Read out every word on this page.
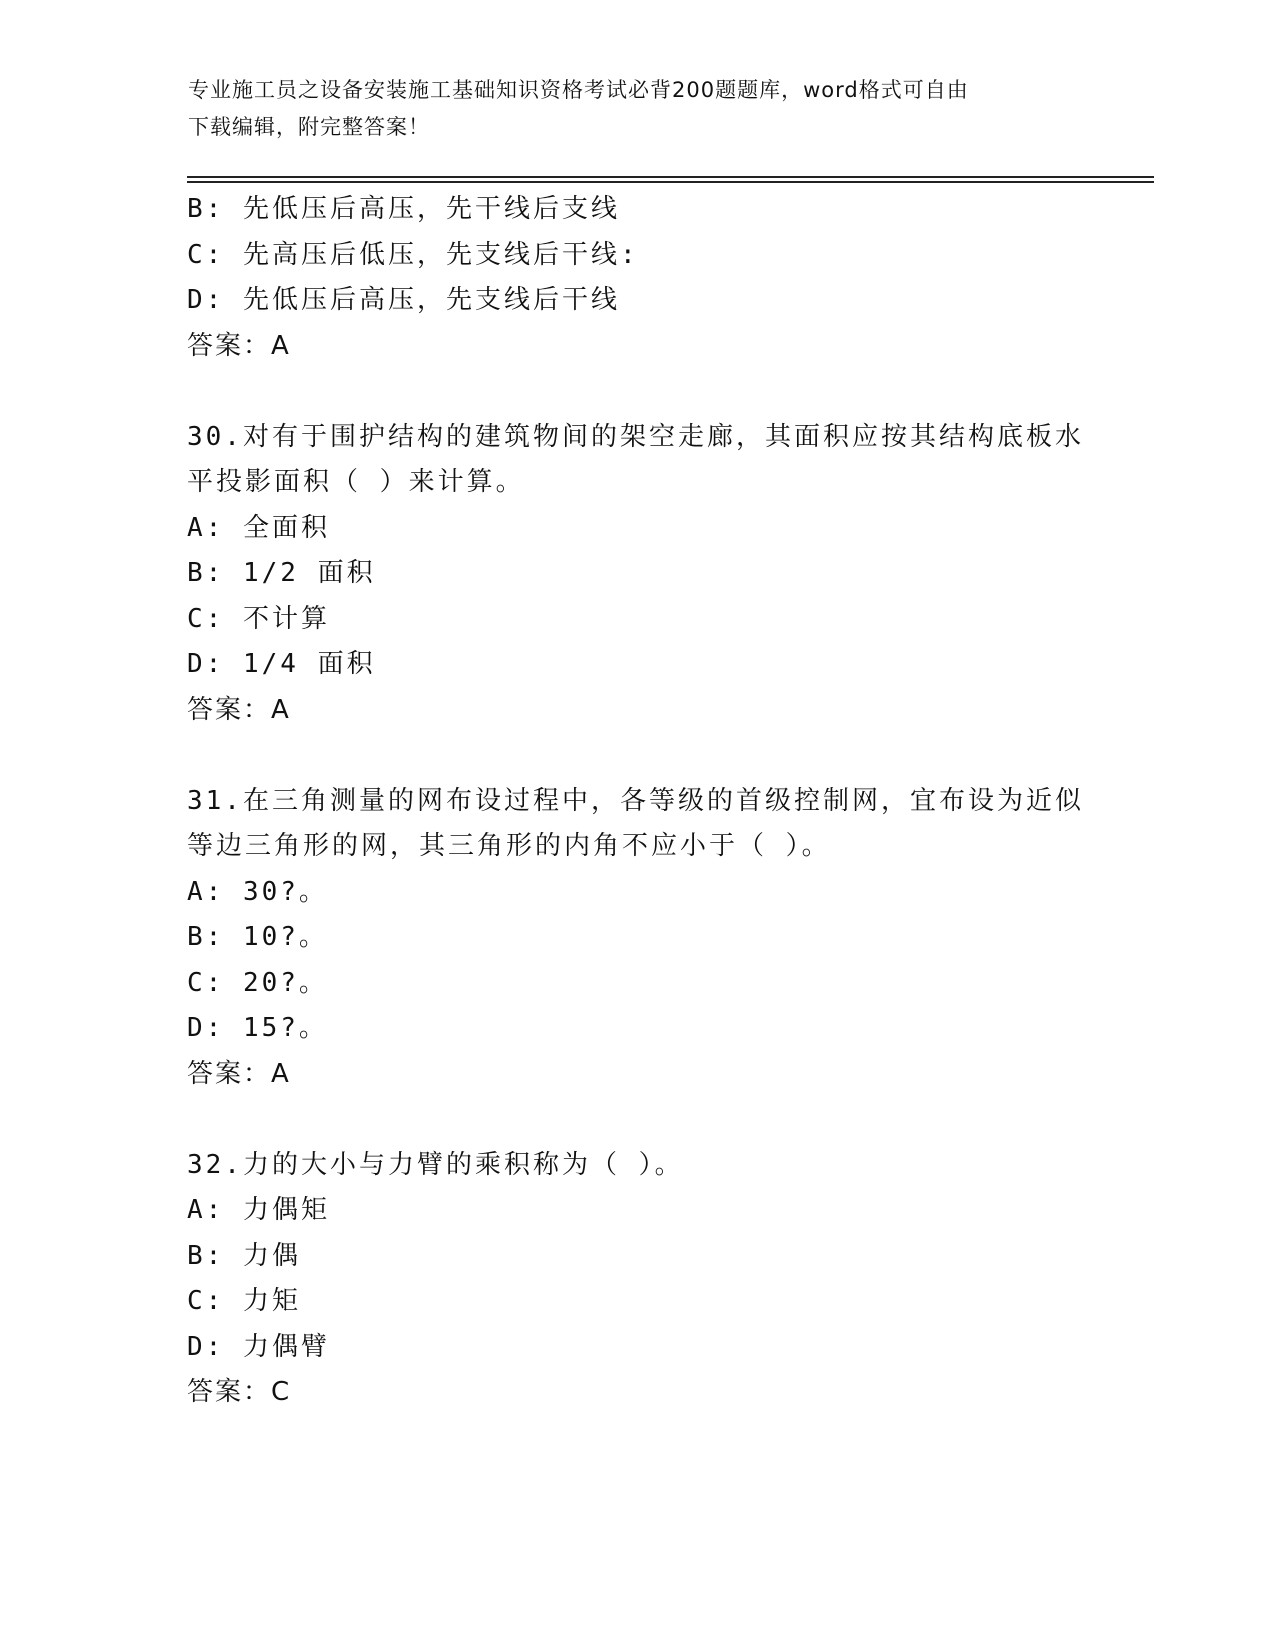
专业施工员之设备安装施工基础知识资格考试必背200题题库，word格式可自由
下载编辑，附完整答案！
B: 先低压后高压，先干线后支线
C: 先高压后低压，先支线后干线:
D: 先低压后高压，先支线后干线
答案：A
30.对有于围护结构的建筑物间的架空走廊，其面积应按其结构底板水
平投影面积（ ）来计算。
A: 全面积
B: 1/2 面积
C: 不计算
D: 1/4 面积
答案：A
31.在三角测量的网布设过程中，各等级的首级控制网，宜布设为近似
等边三角形的网，其三角形的内角不应小于（ ）。
A: 30?。
B: 10?。
C: 20?。
D: 15?。
答案：A
32.力的大小与力臂的乘积称为（ ）。
A: 力偶矩
B: 力偶
C: 力矩
D: 力偶臂
答案：C
